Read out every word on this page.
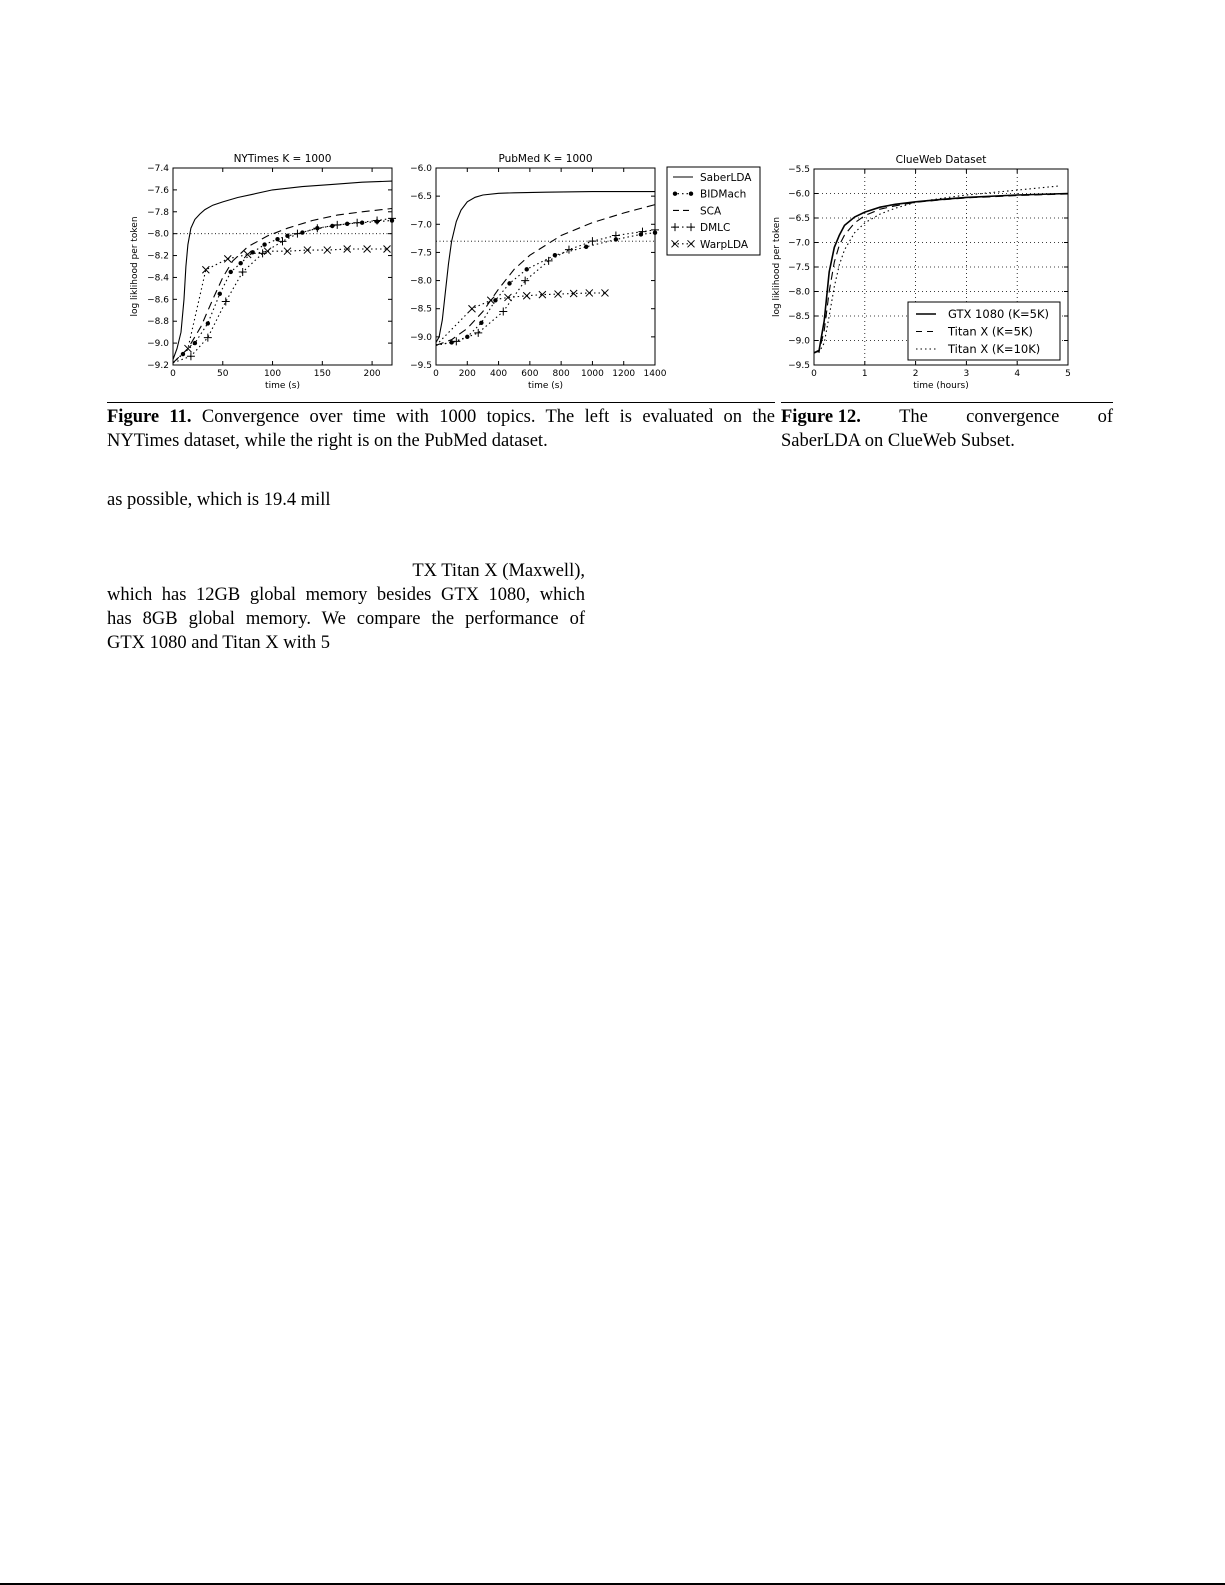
0	50	100	150	200
−9.2
−9.0
−8.8
−8.6
−8.4
−8.2
−8.0
−7.8
−7.6
−7.4
NYTimes K = 1000
time (s)
log liklihood per token
0 200 400 600 800 1000 1200 1400
−9.5
−9.0
−8.5
−8.0
−7.5
−7.0
−6.5
−6.0
PubMed K = 1000
time (s)
SaberLDA
BIDMach
SCA
DMLC
WarpLDA
0	1	2	3	4	5
−9.5
−9.0
−8.5
−8.0
−7.5
−7.0
−6.5
−6.0
−5.5
ClueWeb Dataset
time (hours)
log liklihood per token	GTX 1080 (K=5K)
Titan X (K=5K)
Titan X (K=10K)
Figure 11. Convergence over time with 1000 topics. The left is evaluated on the
NYTimes dataset, while the right is on the PubMed dataset.
Figure 12. The convergence of
SaberLDA on ClueWeb Subset.
as possible, which is 19.4 mill
TX Titan X (Maxwell),
which has 12GB global memory besides GTX 1080, which
has 8GB global memory. We compare the performance of
GTX 1080 and Titan X with 5
